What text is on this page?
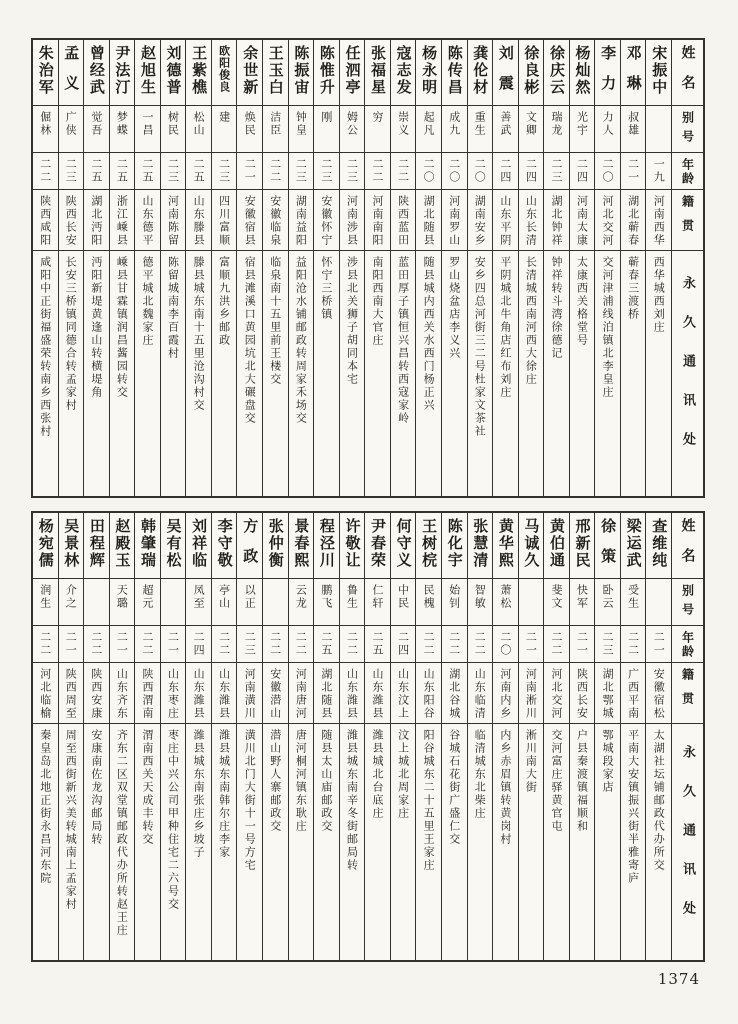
姓名
别号
年龄
籍贯
永久通讯处
宋振中
一九
河南西华
西华城西刘庄
邓琳
叔雄
二一
湖北蕲春
蕲春三渡桥
李力
力人
二〇
河北交河
交河津浦线泊镇北李皇庄
杨灿然
光宇
二四
河南太康
太康西关格堂号
徐庆云
瑞龙
二三
湖北钟祥
钟祥转斗湾徐德记
徐良彬
文卿
二四
山东长清
长清城西南河西大徐庄
刘震
善武
二四
山东平阴
平阴城北牛角店红布刘庄
龚伦材
重生
二〇
湖南安乡
安乡四总河街三二号杜家文茶社
陈传昌
成九
二〇
河南罗山
罗山烧盆店李义兴
杨永明
起凡
二〇
湖北随县
随县城内西关水西门杨正兴
寇志发
崇义
二二
陕西蓝田
蓝田厚子镇恒兴昌转西寇家岭
张福星
穷
二二
河南南阳
南阳西南大官庄
任泗亭
姆公
二三
河南涉县
涉县北关狮子胡同本宅
陈惟升
刚
二三
安徽怀宁
怀宁三桥镇
陈振宙
钟皇
二三
湖南益阳
益阳沧水铺邮政转周家禾场交
王玉白
洁臣
二二
安徽临泉
临泉南十五里前王楼交
余世新
焕民
二一
安徽宿县
宿县滩溪口黄园坑北大碾盘交
欧阳俊良
建
二三
四川富顺
富顺九洪乡邮政
王紫樵
松山
二五
山东滕县
滕县城东南十五里沧沟村交
刘德普
树民
二三
河南陈留
陈留城南李百霞村
赵旭生
一昌
二五
山东德平
德平城北魏家庄
尹法汀
梦蝶
二五
浙江嵊县
嵊县甘霖镇润昌酱园转交
曾经武
觉吾
二五
湖北沔阳
沔阳新堤黄逢山转横堤角
孟义
广侠
二三
陕西长安
长安三桥镇同德合转孟家村
朱治军
倔林
二二
陕西咸阳
咸阳中正街福盛荣转南乡西张村
姓名
别号
年龄
籍贯
永久通讯处
查维纯
二一
安徽宿松
太湖社坛铺邮政代办所交
梁运武
受生
二二
广西平南
平南大安镇振兴街半雅寄庐
徐策
卧云
二三
湖北鄂城
鄂城段家店
邢新民
快军
二一
陕西长安
户县秦渡镇福顺和
黄伯通
斐文
二二
河北交河
交河富庄驿黄官屯
马诚久
二一
河南淅川
淅川南大街
黄华熙
萧松
二〇
河南内乡
内乡赤眉镇转黄岗村
张慧清
智敏
二二
山东临清
临清城东北柴庄
陈化宇
始钊
二二
湖北谷城
谷城石花街广盛仁交
王树梡
民槐
二二
山东阳谷
阳谷城东二十五里王家庄
何守义
中民
二四
山东汶上
汶上城北周家庄
尹春荣
仁轩
二五
山东潍县
潍县城北台底庄
许敬让
鲁生
二二
山东潍县
潍县城东南辛冬街邮局转
程泾川
鹏飞
二五
湖北随县
随县太山庙邮政交
景春熙
云龙
二二
河南唐河
唐河桐河镇东耿庄
张仲衡
二二
安徽潜山
潜山野人寨邮政交
方政
以正
二三
河南潢川
潢川北门大街十一号方宅
李守敬
亭山
二二
山东潍县
潍县城东南韩尔庄李家
刘祥临
凤至
二四
山东潍县
潍县城东南张庄乡坡子
吴有松
二一
山东枣庄
枣庄中兴公司甲种住宅二六号交
韩肇瑞
超元
二二
陕西渭南
渭南西关天成丰转交
赵殿玉
天璐
二一
山东齐东
齐东二区双堂镇邮政代办所转赵王庄
田程辉
二二
陕西安康
安康南佐龙沟邮局转
吴景林
介之
二一
陕西周至
周至西街新兴美转城南上孟家村
杨宛儒
润生
二二
河北临榆
秦皇岛北地正街永昌河东院
1374
